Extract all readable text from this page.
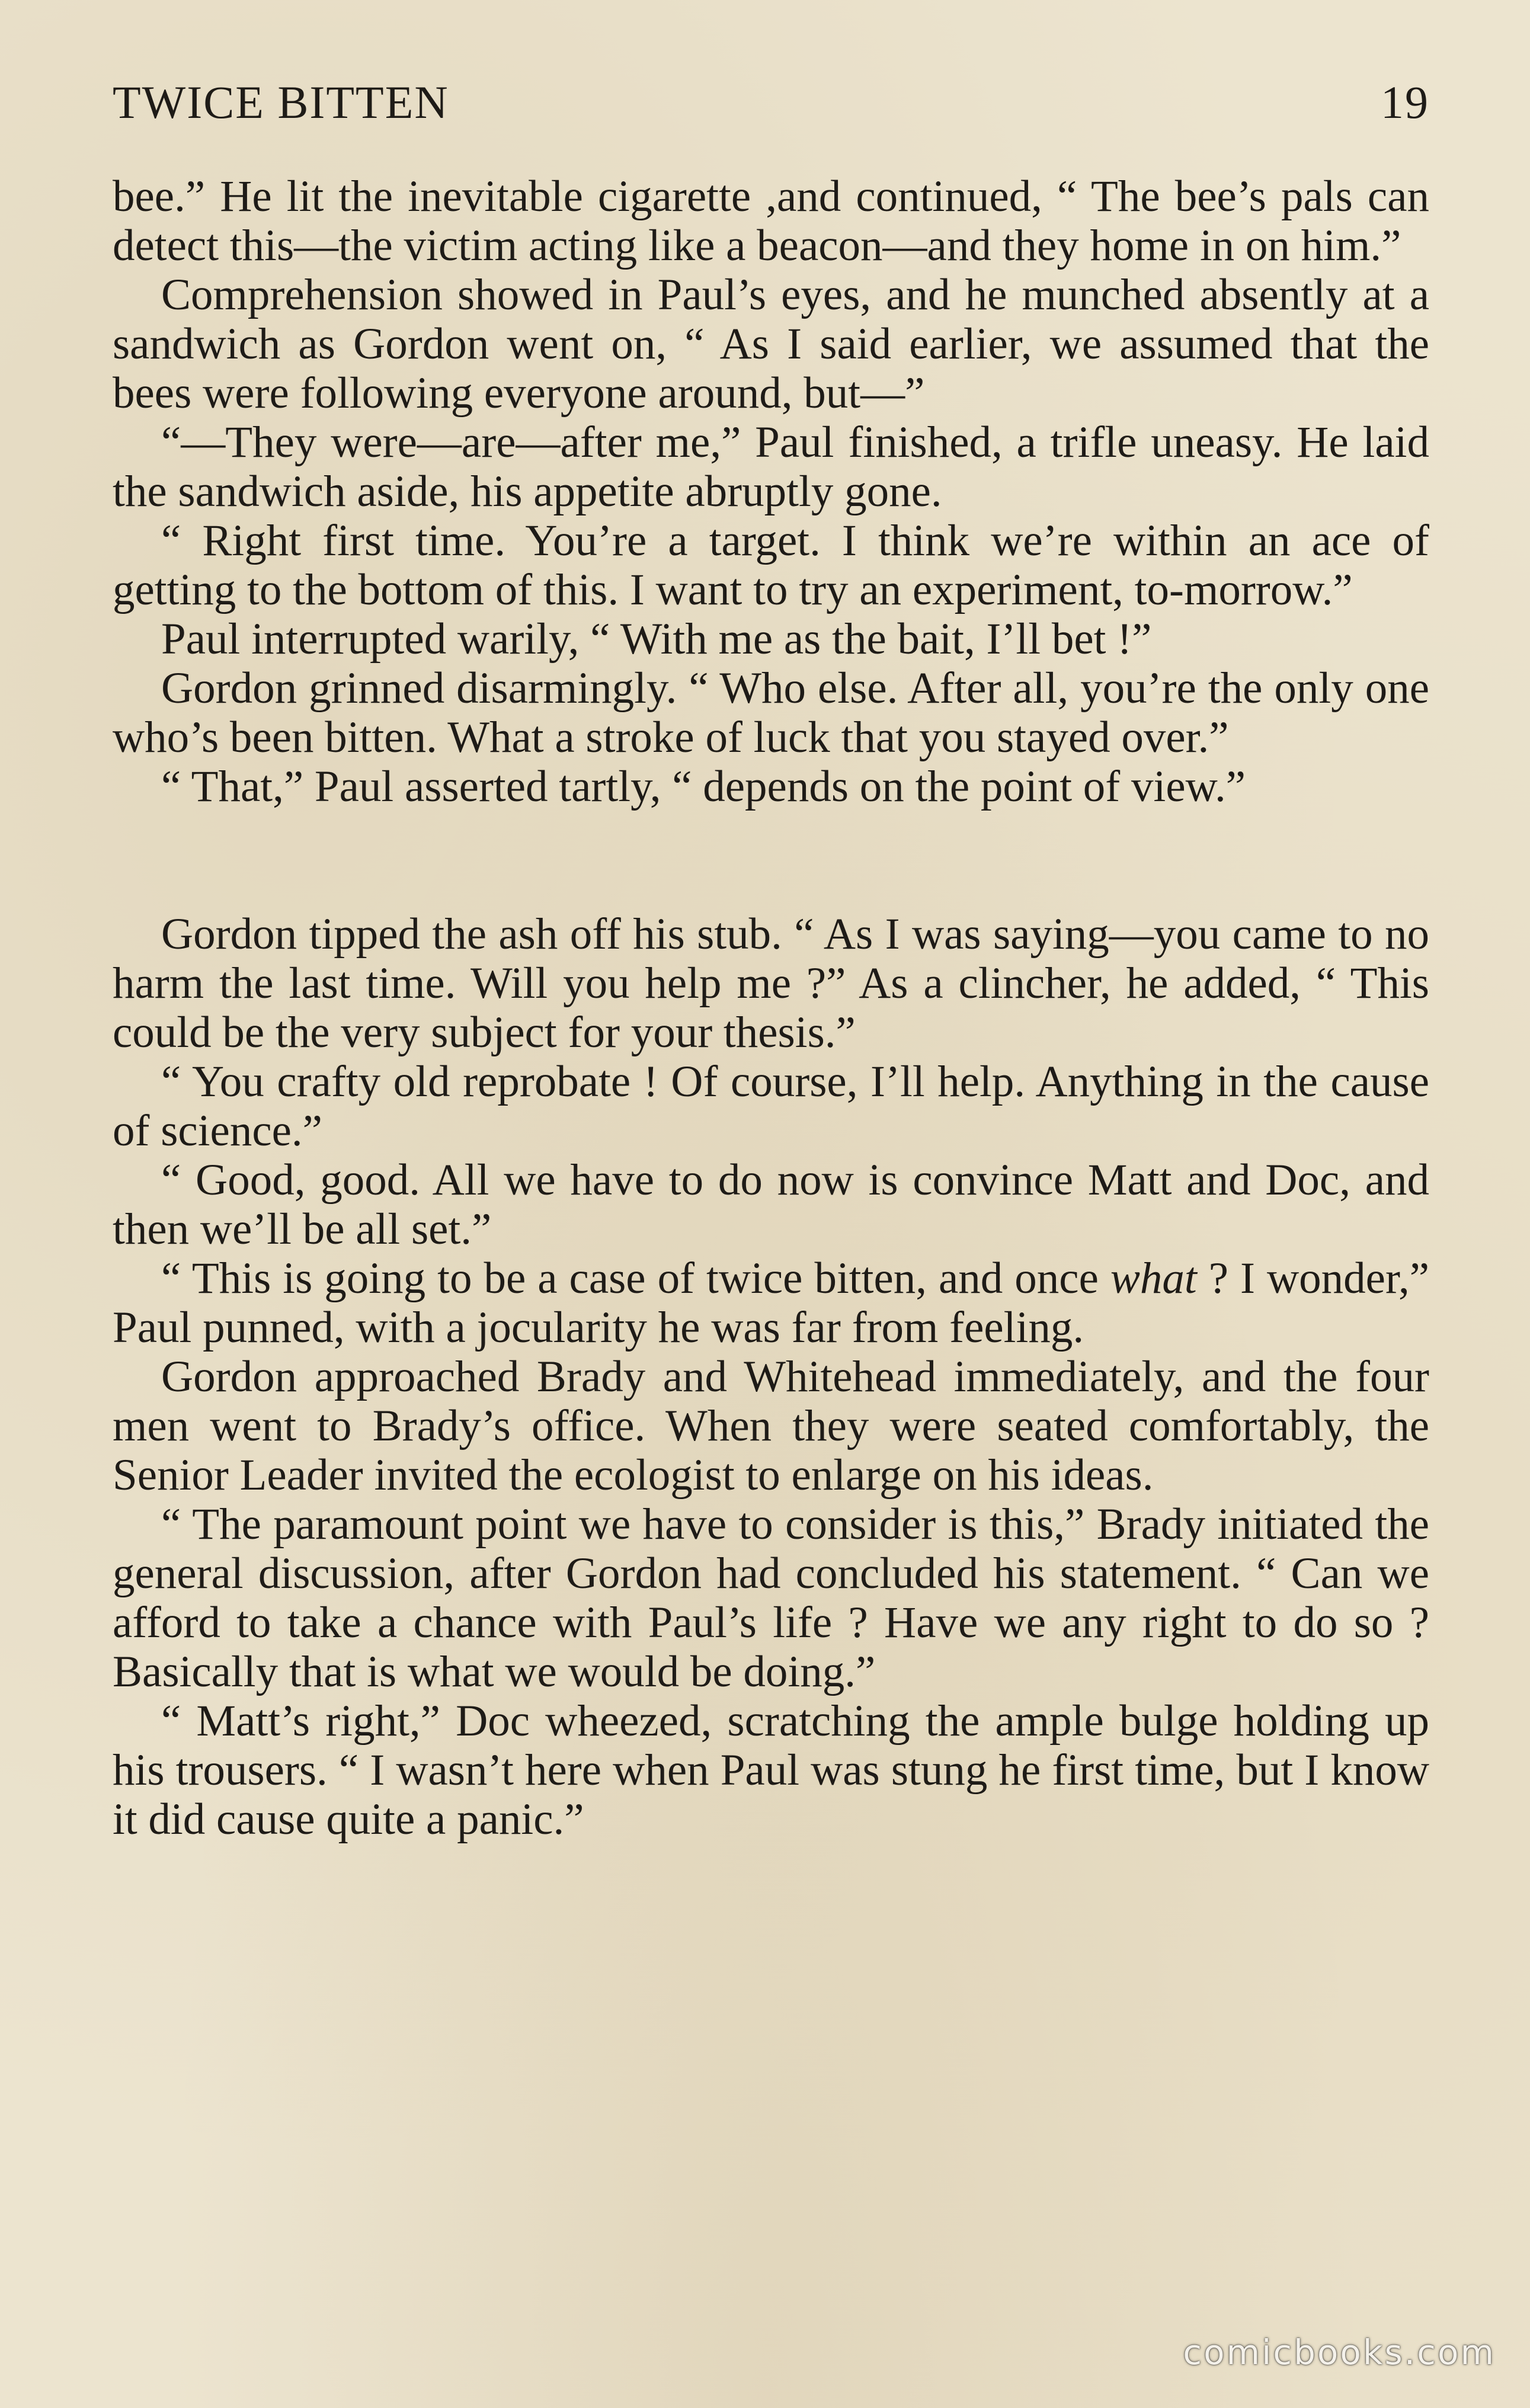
TWICE BITTEN	19

bee.” He lit the inevitable cigarette ,and continued, “ The bee’s pals can detect this—the victim acting like a beacon—and they home in on him.”

Comprehension showed in Paul’s eyes, and he munched absently at a sandwich as Gordon went on, “ As I said earlier, we assumed that the bees were following everyone around, but—”

“—They were—are—after me,” Paul finished, a trifle uneasy. He laid the sandwich aside, his appetite abruptly gone.

“ Right first time. You’re a target. I think we’re within an ace of getting to the bottom of this. I want to try an experiment, to-morrow.”

Paul interrupted warily, “ With me as the bait, I’ll bet !”

Gordon grinned disarmingly. “ Who else. After all, you’re the only one who’s been bitten. What a stroke of luck that you stayed over.”

“ That,” Paul asserted tartly, “ depends on the point of view.”

Gordon tipped the ash off his stub. “ As I was saying—you came to no harm the last time. Will you help me ?” As a clincher, he added, “ This could be the very subject for your thesis.”

“ You crafty old reprobate ! Of course, I’ll help. Anything in the cause of science.”

“ Good, good. All we have to do now is convince Matt and Doc, and then we’ll be all set.”

“ This is going to be a case of twice bitten, and once what ? I wonder,” Paul punned, with a jocularity he was far from feeling.

Gordon approached Brady and Whitehead immediately, and the four men went to Brady’s office. When they were seated comfortably, the Senior Leader invited the ecologist to enlarge on his ideas.

“ The paramount point we have to consider is this,” Brady initiated the general discussion, after Gordon had concluded his statement. “ Can we afford to take a chance with Paul’s life ? Have we any right to do so ? Basically that is what we would be doing.”

“ Matt’s right,” Doc wheezed, scratching the ample bulge holding up his trousers. “ I wasn’t here when Paul was stung he first time, but I know it did cause quite a panic.”

comicbooks.com
